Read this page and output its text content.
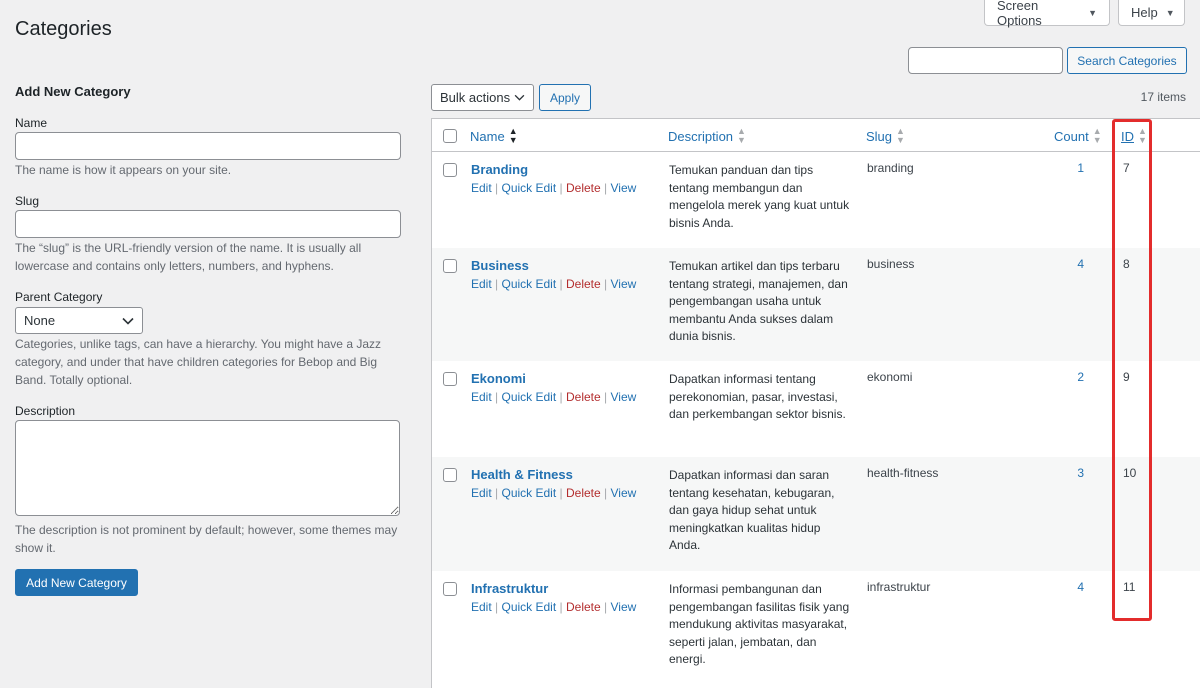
Screen Options	▼	Help ▼
Categories
Add New Category
Name
The name is how it appears on your site.
Slug
The “slug” is the URL-friendly version of the name. It is usually all lowercase and contains only letters, numbers, and hyphens.
Parent Category
None
Categories, unlike tags, can have a hierarchy. You might have a Jazz category, and under that have children categories for Bebop and Big Band. Totally optional.
Description
The description is not prominent by default; however, some themes may show it.
Add New Category
Search Categories
Bulk actions	Apply	17 items
Name ▲
▼	Description ▲
▼	Slug ▲
▼	Count ▲
▼ ID ▲
▼
Branding
Edit | Quick Edit | Delete | View
Temukan panduan dan tips tentang membangun dan mengelola merek yang kuat untuk bisnis Anda.
branding	1	7
Business
Edit | Quick Edit | Delete | View
Temukan artikel dan tips terbaru tentang strategi, manajemen, dan pengembangan usaha untuk membantu Anda sukses dalam dunia bisnis.
business	4	8
Ekonomi
Edit | Quick Edit | Delete | View
Dapatkan informasi tentang perekonomian, pasar, investasi, dan perkembangan sektor bisnis.
ekonomi	2	9
Health & Fitness
Edit | Quick Edit | Delete | View
Dapatkan informasi dan saran tentang kesehatan, kebugaran, dan gaya hidup sehat untuk meningkatkan kualitas hidup Anda.
health-fitness	3	10
Infrastruktur
Edit | Quick Edit | Delete | View
Informasi pembangunan dan pengembangan fasilitas fisik yang mendukung aktivitas masyarakat, seperti jalan, jembatan, dan energi.
infrastruktur	4	11
